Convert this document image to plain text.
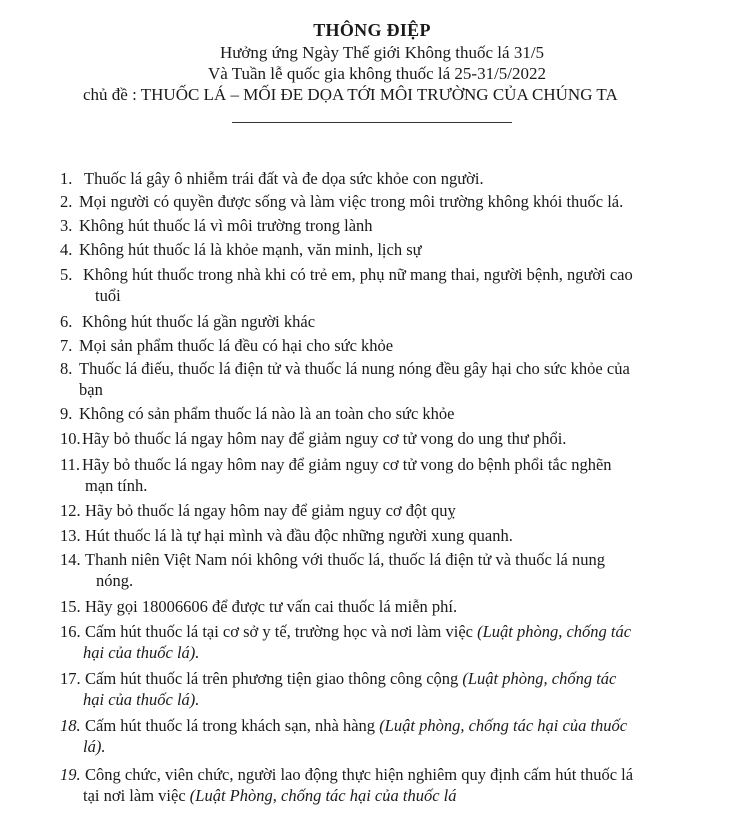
THÔNG ĐIỆP
Hưởng ứng Ngày Thế giới Không thuốc lá 31/5
Và Tuần lễ quốc gia không thuốc lá 25-31/5/2022
chủ đề : THUỐC LÁ – MỐI ĐE DỌA TỚI MÔI TRƯỜNG CỦA CHÚNG TA
1. Thuốc lá gây ô nhiễm trái đất và đe dọa sức khỏe con người.
2. Mọi người có quyền được sống và làm việc trong môi trường không khói thuốc lá.
3. Không hút thuốc lá vì môi trường trong lành
4. Không hút thuốc lá là khỏe mạnh, văn minh, lịch sự
5. Không hút thuốc trong nhà khi có trẻ em, phụ nữ mang thai, người bệnh, người cao
tuổi
6. Không hút thuốc lá gần người khác
7. Mọi sản phẩm thuốc lá đều có hại cho sức khỏe
8. Thuốc lá điếu, thuốc lá điện tử và thuốc lá nung nóng đều gây hại cho sức khỏe của
bạn
9. Không có sản phẩm thuốc lá nào là an toàn cho sức khỏe
10.Hãy bỏ thuốc lá ngay hôm nay để giảm nguy cơ tử vong do ung thư phổi.
11. Hãy bỏ thuốc lá ngay hôm nay để giảm nguy cơ tử vong do bệnh phổi tắc nghẽn
mạn tính.
12. Hãy bỏ thuốc lá ngay hôm nay để giảm nguy cơ đột quỵ
13. Hút thuốc lá là tự hại mình và đầu độc những người xung quanh.
14. Thanh niên Việt Nam nói không với thuốc lá, thuốc lá điện tử và thuốc lá nung
nóng.
15. Hãy gọi 18006606 để được tư vấn cai thuốc lá miễn phí.
16. Cấm hút thuốc lá tại cơ sở y tế, trường học và nơi làm việc (Luật phòng, chống tác
hại của thuốc lá).
17. Cấm hút thuốc lá trên phương tiện giao thông công cộng (Luật phòng, chống tác
hại của thuốc lá).
18. Cấm hút thuốc lá trong khách sạn, nhà hàng (Luật phòng, chống tác hại của thuốc
lá).
19. Công chức, viên chức, người lao động thực hiện nghiêm quy định cấm hút thuốc lá
tại nơi làm việc (Luật Phòng, chống tác hại của thuốc lá
